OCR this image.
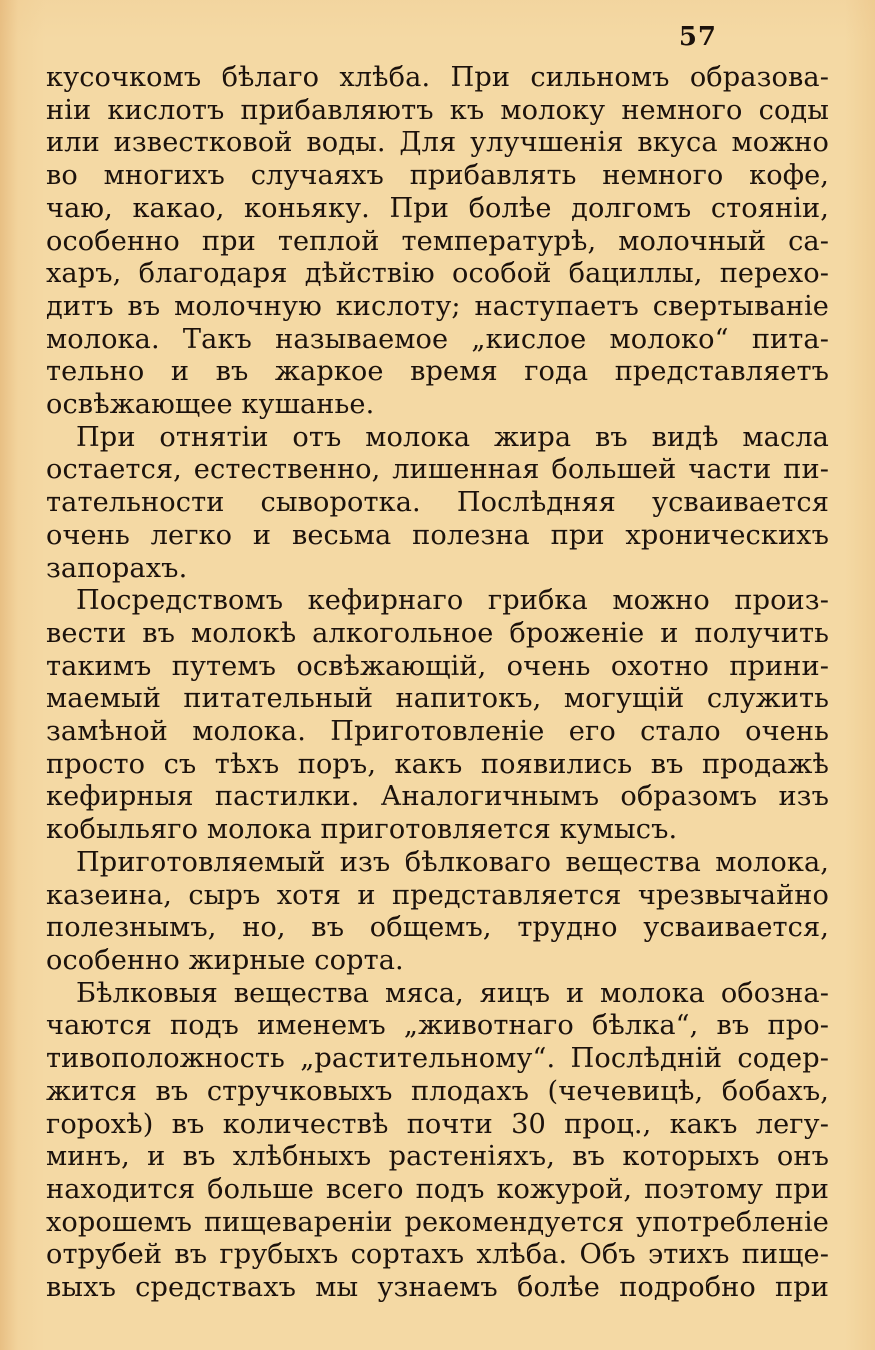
57

кусочкомъ бѣлаго хлѣба. При сильномъ образова-
ніи кислотъ прибавляютъ къ молоку немного соды
или известковой воды. Для улучшенія вкуса можно
во многихъ случаяхъ прибавлять немного кофе,
чаю, какао, коньяку. При болѣе долгомъ стояніи,
особенно при теплой температурѣ, молочный са-
харъ, благодаря дѣйствію особой бациллы, перехо-
дитъ въ молочную кислоту; наступаетъ свертываніе
молока. Такъ называемое „кислое молоко“ пита-
тельно и въ жаркое время года представляетъ
освѣжающее кушанье.

При отнятіи отъ молока жира въ видѣ масла
остается, естественно, лишенная большей части пи-
тательности сыворотка. Послѣдняя усваивается
очень легко и весьма полезна при хроническихъ
запорахъ.

Посредствомъ кефирнаго грибка можно произ-
вести въ молокѣ алкогольное броженіе и получить
такимъ путемъ освѣжающій, очень охотно прини-
маемый питательный напитокъ, могущій служить
замѣной молока. Приготовленіе его стало очень
просто съ тѣхъ поръ, какъ появились въ продажѣ
кефирныя пастилки. Аналогичнымъ образомъ изъ
кобыльяго молока приготовляется кумысъ.

Приготовляемый изъ бѣлковаго вещества молока,
казеина, сыръ хотя и представляется чрезвычайно
полезнымъ, но, въ общемъ, трудно усваивается,
особенно жирные сорта.

Бѣлковыя вещества мяса, яицъ и молока обозна-
чаются подъ именемъ „животнаго бѣлка“, въ про-
тивоположность „растительному“. Послѣдній содер-
жится въ стручковыхъ плодахъ (чечевицѣ, бобахъ,
горохѣ) въ количествѣ почти 30 проц., какъ легу-
минъ, и въ хлѣбныхъ растеніяхъ, въ которыхъ онъ
находится больше всего подъ кожурой, поэтому при
хорошемъ пищевареніи рекомендуется употребленіе
отрубей въ грубыхъ сортахъ хлѣба. Объ этихъ пище-
выхъ средствахъ мы узнаемъ болѣе подробно при
